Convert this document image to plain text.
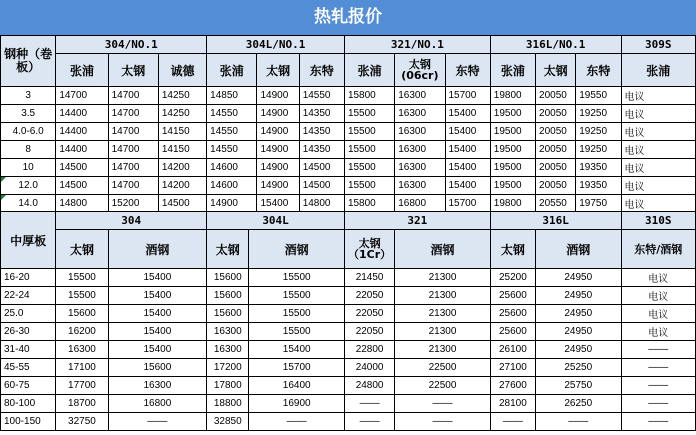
热轧报价
钢种（卷板）	304/NO.1			304L/NO.1			321/NO.1			316L/NO.1			309S
	张浦	太钢	诚德	张浦	太钢	东特	张浦	太钢(06cr)	东特	张浦	太钢	东特	张浦
3	14700	14700	14250	14850	14900	14550	15800	16300	15700	19800	20050	19550	电议
3.5	14400	14700	14250	14550	14900	14350	15500	16300	15400	19500	20050	19250	电议
4.0-6.0	14400	14700	14150	14550	14900	14350	15500	16300	15400	19500	20050	19250	电议
8	14400	14700	14150	14550	14900	14350	15500	16300	15400	19500	20050	19250	电议
10	14500	14700	14200	14600	14900	14500	15500	16300	15400	19500	20050	19350	电议
12.0	14500	14700	14200	14600	14900	14500	15500	16300	15400	19500	20050	19350	电议
14.0	14800	15200	14500	14900	15400	14800	15800	16800	15700	19800	20550	19750	电议
中厚板	304		304L		321		316L		310S
	太钢	酒钢	太钢	酒钢	太钢（1Cr）	酒钢	太钢	酒钢	东特/酒钢
16-20	15500	15400	15600	15500	21450	21300	25200	24950	电议
22-24	15500	15400	15600	15500	22050	21300	25600	24950	电议
25.0	15600	15400	15600	15500	22050	21300	25600	24950	电议
26-30	16200	15400	16300	15500	22050	21300	25600	24950	电议
31-40	16300	15400	16300	15400	22800	21300	26100	24950	——
45-55	17100	15600	17200	15700	24000	22500	27100	25250	——
60-75	17700	16300	17800	16400	24800	22500	27600	25750	——
80-100	18700	16800	18800	16900	——	——	28100	26250	——
100-150	32750	——	32850	——	——	——	——	——	——
